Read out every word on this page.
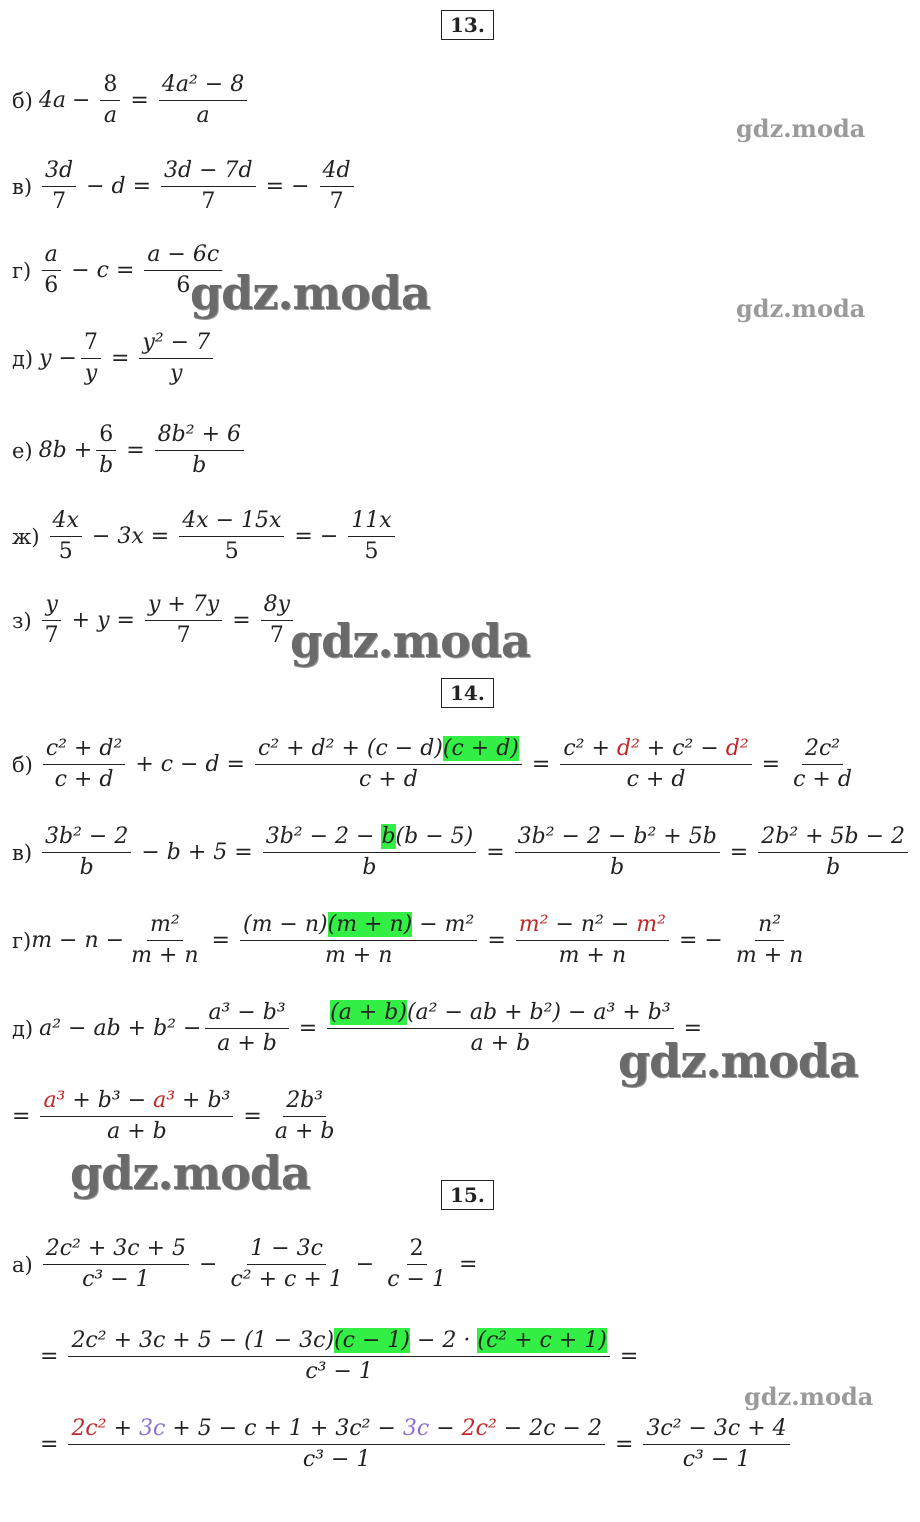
13.
б) $4a - \frac{8}{a} = \frac{\text{4a² − 8}}{a}$
$в) \frac{3d}{7} - d = \frac{3d - 7d}{7}$ = − $\frac{4d}{7}$
$г) \frac{a}{6} - c = \frac{a - 6c}{6}$
д) $y - \frac{7}{y} = \frac{\text{y² − 7}}{y}$
е) $8b + \frac{6}{b} = \frac{\text{8b² + 6}}{b}$
$ж) \frac{4x}{5} - 3x = \frac{4x - 15x}{5}$ = − $\frac{11x}{5}$
$з) \frac{y}{7} + y = \frac{y + 7y}{7} = \frac{8y}{7}$
14.
$б) \frac{\text{c² + d²}}{c + d} + c - d = \frac{\text{c² + d² + (c − d)(c + d)}}{c + d} = \frac{\text{c² + d² + c² − d²}}{c + d} = \frac{\text{2c²}}{c + d}$
$в) \frac{\text{3b² − 2}}{b} - b + 5 = \frac{\text{3b² − 2 − b(b − 5)}}{b} = \frac{\text{3b² − 2 − b² + 5b}}{b} = \frac{\text{2b² + 5b − 2}}{b}$
г) $m - n - \frac{\text{m²}}{m + n} = \frac{\text{(m − n)(m + n) − m²}}{m + n} = \frac{\text{m² − n² − m²}}{m + n}$ = − $\frac{\text{n²}}{m + n}$
д) a² − ab + $b^2 - \frac{\text{a³ − b³}}{a + b} = \frac{\text{(a + b)(a² − ab + b²) − a³ + b³}}{a + b}$ =
= $\frac{\text{a³ + b³ − a³ + b³}}{a + b} = \frac{\text{2b³}}{a + b}$
15.
$а) \frac{\text{2c² + 3c + 5}}{\text{c³ − 1}} - \frac{1 - 3c}{\text{c² + c + 1}} - \frac{2}{c - 1}$ =
= $\frac{\text{2c² + 3c + 5 − (1 − 3c)(c − 1) − 2 · (c² + c + 1)}}{\text{c³ − 1}}$ =
= $\frac{\text{2c² + 3c + 5 − c + 1 + 3c² − 3c − 2c² − 2c − 2}}{\text{c³ − 1}} = \frac{\text{3c² − 3c + 4}}{\text{c³ − 1}}$
gdz.moda
gdz.moda
gdz.moda
gdz.moda
gdz.moda
gdz.moda
gdz.moda
